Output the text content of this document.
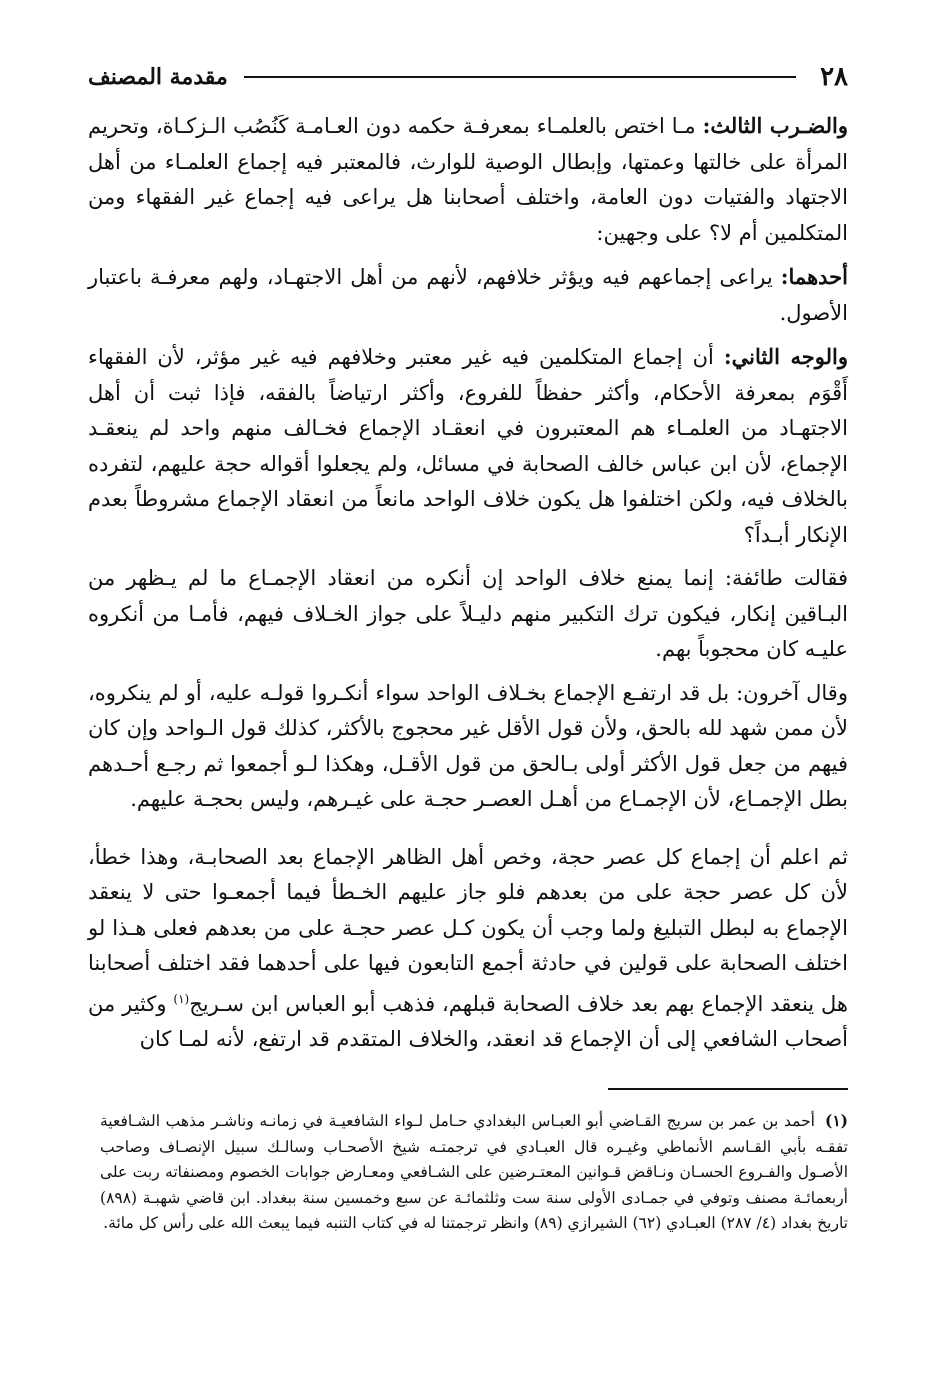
٢٨
مقدمة المصنف

والضـرب الثالث: مـا اختص بالعلمـاء بمعرفـة حكمه دون العـامـة كَنُصُب الـزكـاة، وتحريم المرأة على خالتها وعمتها، وإبطال الوصية للوارث، فالمعتبر فيه إجماع العلمـاء من أهل الاجتهاد والفتيات دون العامة، واختلف أصحابنا هل يراعى فيه إجماع غير الفقهاء ومن المتكلمين أم لا؟ على وجهين:

أحدهما: يراعى إجماعهم فيه ويؤثر خلافهم، لأنهم من أهل الاجتهـاد، ولهم معرفـة باعتبار الأصول.

والوجه الثاني: أن إجماع المتكلمين فيه غير معتبر وخلافهم فيه غير مؤثر، لأن الفقهاء أَقْوَم بمعرفة الأحكام، وأكثر حفظاً للفروع، وأكثر ارتياضاً بالفقه، فإذا ثبت أن أهل الاجتهـاد من العلمـاء هم المعتبرون في انعقـاد الإجماع فخـالف منهم واحد لم ينعقـد الإجماع، لأن ابن عباس خالف الصحابة في مسائل، ولم يجعلوا أقواله حجة عليهم، لتفرده بالخلاف فيه، ولكن اختلفوا هل يكون خلاف الواحد مانعاً من انعقاد الإجماع مشروطاً بعدم الإنكار أبـداً؟

فقالت طائفة: إنما يمنع خلاف الواحد إن أنكره من انعقاد الإجمـاع ما لم يـظهر من البـاقين إنكار، فيكون ترك التكبير منهم دليـلاً على جواز الخـلاف فيهم، فأمـا من أنكروه عليـه كان محجوباً بهم.

وقال آخرون: بل قد ارتفـع الإجماع بخـلاف الواحد سواء أنكـروا قولـه عليه، أو لم ينكروه، لأن ممن شهد لله بالحق، ولأن قول الأقل غير محجوج بالأكثر، كذلك قول الـواحد وإن كان فيهم من جعل قول الأكثر أولى بـالحق من قول الأقـل، وهكذا لـو أجمعوا ثم رجـع أحـدهم بطل الإجمـاع، لأن الإجمـاع من أهـل العصـر حجـة على غيـرهم، وليس بحجـة عليهم.

ثم اعلم أن إجماع كل عصر حجة، وخص أهل الظاهر الإجماع بعد الصحابـة، وهذا خطأ، لأن كل عصر حجة على من بعدهم فلو جاز عليهم الخـطأ فيما أجمعـوا حتى لا ينعقد الإجماع به لبطل التبليغ ولما وجب أن يكون كـل عصر حجـة على من بعدهم فعلى هـذا لو اختلف الصحابة على قولين في حادثة أجمع التابعون فيها على أحدهما فقد اختلف أصحابنا هل ينعقد الإجماع بهم بعد خلاف الصحابة قبلهم، فذهب أبو العباس ابن سـريج$^{(١)}$ وكثير من أصحاب الشافعي إلى أن الإجماع قد انعقد، والخلاف المتقدم قد ارتفع، لأنه لمـا كان

(١)أحمد بن عمر بن سريج القـاضي أبو العبـاس البغدادي حـامل لـواء الشافعيـة في زمانـه وناشـر مذهب الشـافعية تفقـه بأبي القـاسم الأنماطي وغيـره قال العبـادي في ترجمتـه شيخ الأصحـاب وسالـك سبيل الإنصـاف وصاحب الأصـول والفـروع الحسـان ونـاقض قـوانين المعتـرضين على الشـافعي ومعـارض جوابات الخصوم ومصنفاته ربت على أربعمائـة مصنف وتوفي في جمـادى الأولى سنة ست وثلثمائـة عن سبع وخمسين سنة ببغداد. ابن قاضي شهبـة (٨٩٨) تاريخ بغداد (٤/ ٢٨٧) العبـادي (٦٢) الشيرازي (٨٩) وانظر ترجمتنا له في كتاب التنبه فيما يبعث الله على رأس كل مائة.
